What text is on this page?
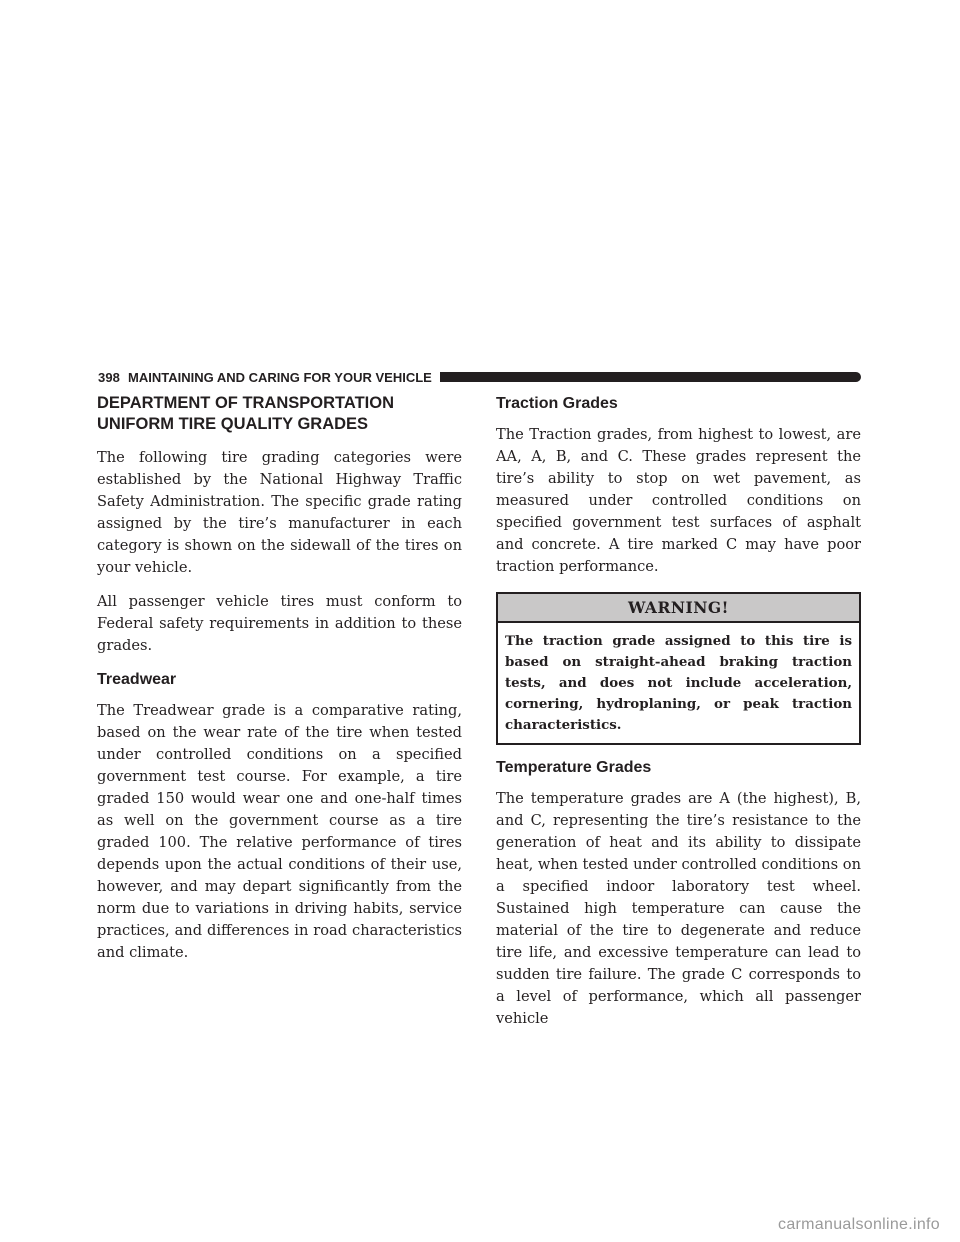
398 MAINTAINING AND CARING FOR YOUR VEHICLE
DEPARTMENT OF TRANSPORTATION UNIFORM TIRE QUALITY GRADES

The following tire grading categories were established by the National Highway Traffic Safety Administration. The specific grade rating assigned by the tire’s manufacturer in each category is shown on the sidewall of the tires on your vehicle.

All passenger vehicle tires must conform to Federal safety requirements in addition to these grades.

Treadwear

The Treadwear grade is a comparative rating, based on the wear rate of the tire when tested under controlled conditions on a specified government test course. For example, a tire graded 150 would wear one and one-half times as well on the government course as a tire graded 100. The relative performance of tires depends upon the actual conditions of their use, however, and may depart significantly from the norm due to variations in driving habits, service practices, and differences in road characteristics and climate.

Traction Grades

The Traction grades, from highest to lowest, are AA, A, B, and C. These grades represent the tire’s ability to stop on wet pavement, as measured under controlled conditions on specified government test surfaces of asphalt and concrete. A tire marked C may have poor traction performance.

WARNING!
The traction grade assigned to this tire is based on straight-ahead braking traction tests, and does not include acceleration, cornering, hydroplaning, or peak traction characteristics.
Temperature Grades

The temperature grades are A (the highest), B, and C, representing the tire’s resistance to the generation of heat and its ability to dissipate heat, when tested under controlled conditions on a specified indoor laboratory test wheel. Sustained high temperature can cause the material of the tire to degenerate and reduce tire life, and excessive temperature can lead to sudden tire failure. The grade C corresponds to a level of performance, which all passenger vehicle

carmanualsonline.info
